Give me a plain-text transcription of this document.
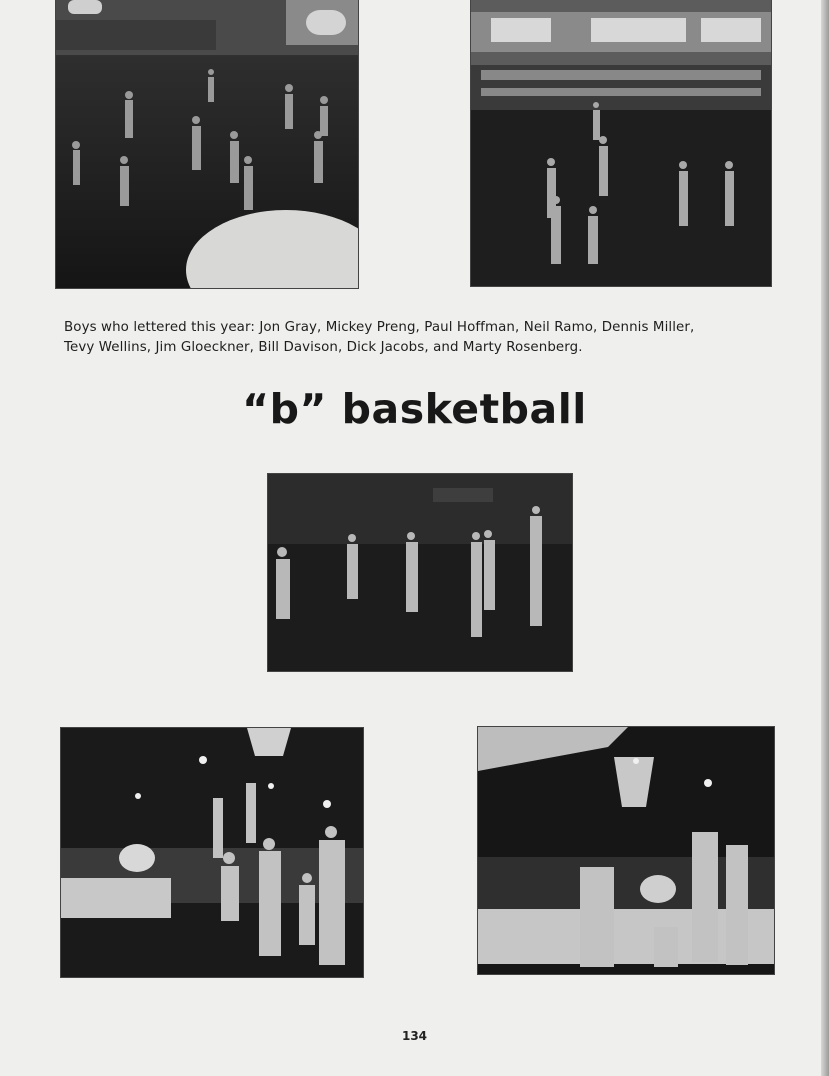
Boys who lettered this year: Jon Gray, Mickey Preng, Paul Hoffman, Neil Ramo, Dennis Miller,
Tevy Wellins, Jim Gloeckner, Bill Davison, Dick Jacobs, and Marty Rosenberg.
“b” basketball
134
